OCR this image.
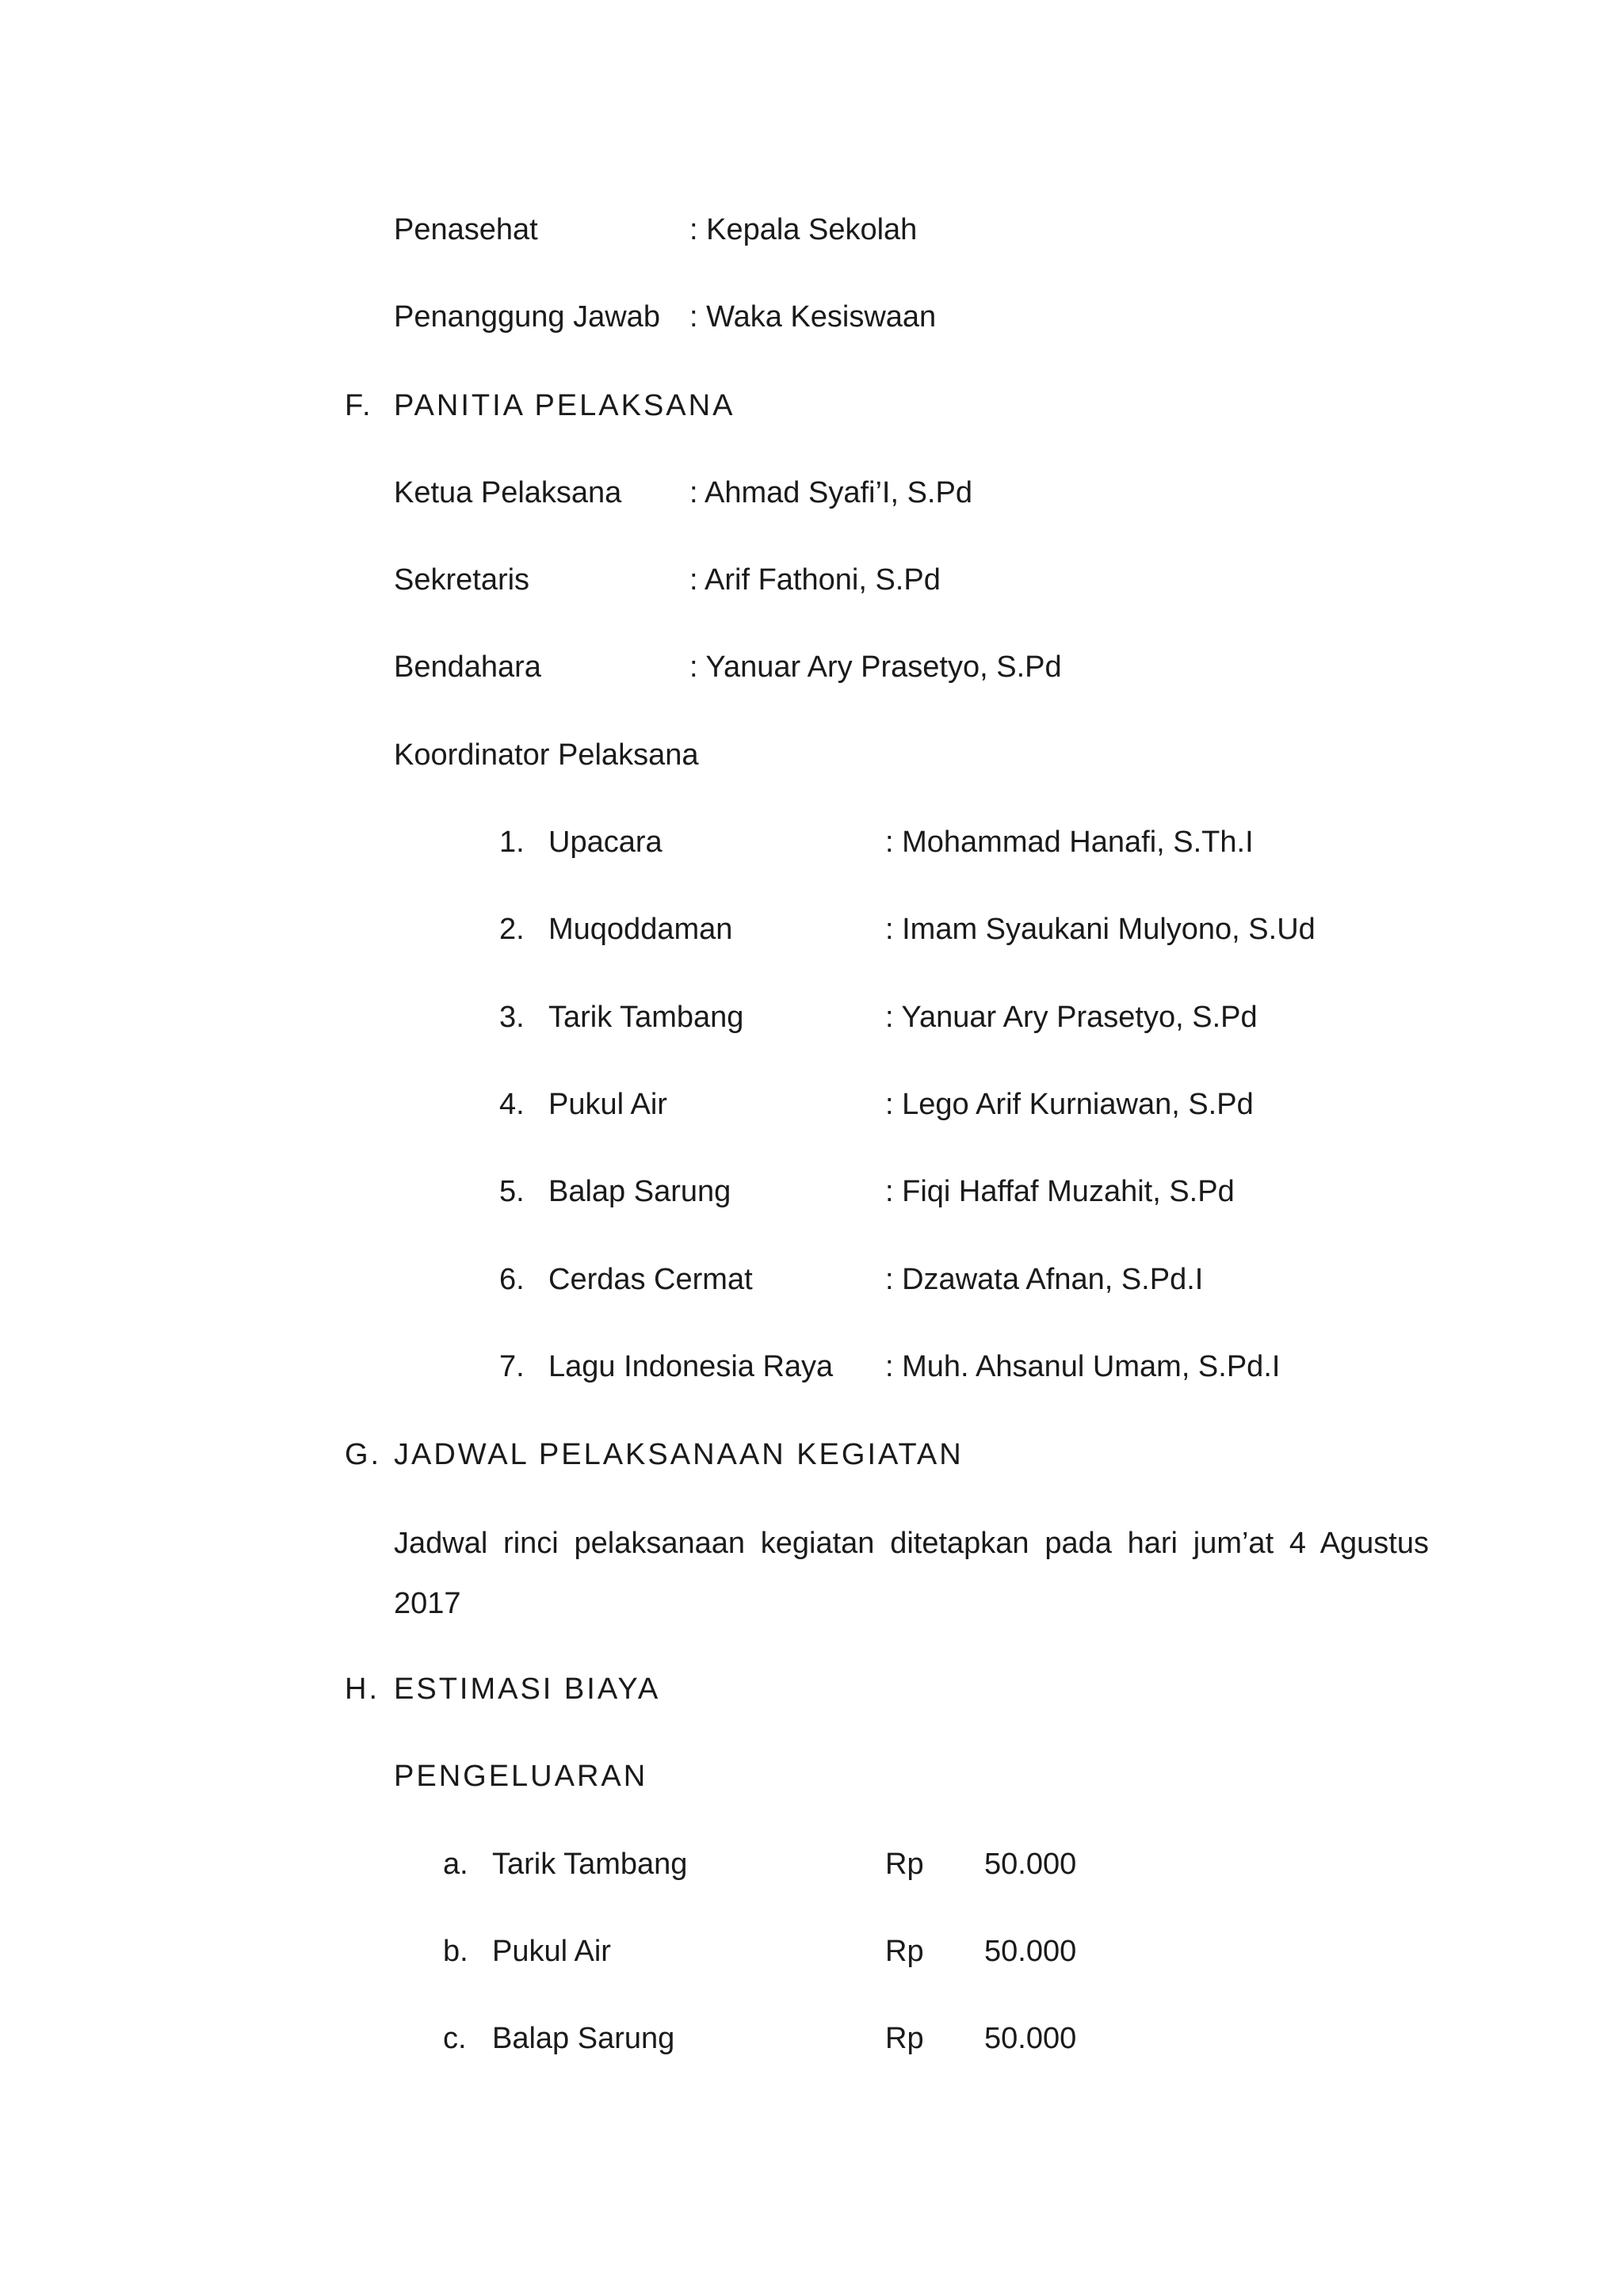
Penasehat	: Kepala Sekolah
Penanggung Jawab : Waka Kesiswaan
F. PANITIA PELAKSANA
Ketua Pelaksana : Ahmad Syafi’I, S.Pd
Sekretaris	: Arif Fathoni, S.Pd
Bendahara	: Yanuar Ary Prasetyo, S.Pd
Koordinator Pelaksana
1. Upacara	: Mohammad Hanafi, S.Th.I
2. Muqoddaman	: Imam Syaukani Mulyono, S.Ud
3. Tarik Tambang	: Yanuar Ary Prasetyo, S.Pd
4. Pukul Air	: Lego Arif Kurniawan, S.Pd
5. Balap Sarung	: Fiqi Haffaf Muzahit, S.Pd
6. Cerdas Cermat	: Dzawata Afnan, S.Pd.I
7. Lagu Indonesia Raya : Muh. Ahsanul Umam, S.Pd.I
G. JADWAL PELAKSANAAN KEGIATAN
Jadwal rinci pelaksanaan kegiatan ditetapkan pada hari jum’at 4 Agustus 2017
H. ESTIMASI BIAYA
PENGELUARAN
a. Tarik Tambang	Rp 50.000
b. Pukul Air	Rp 50.000
c. Balap Sarung	Rp 50.000
